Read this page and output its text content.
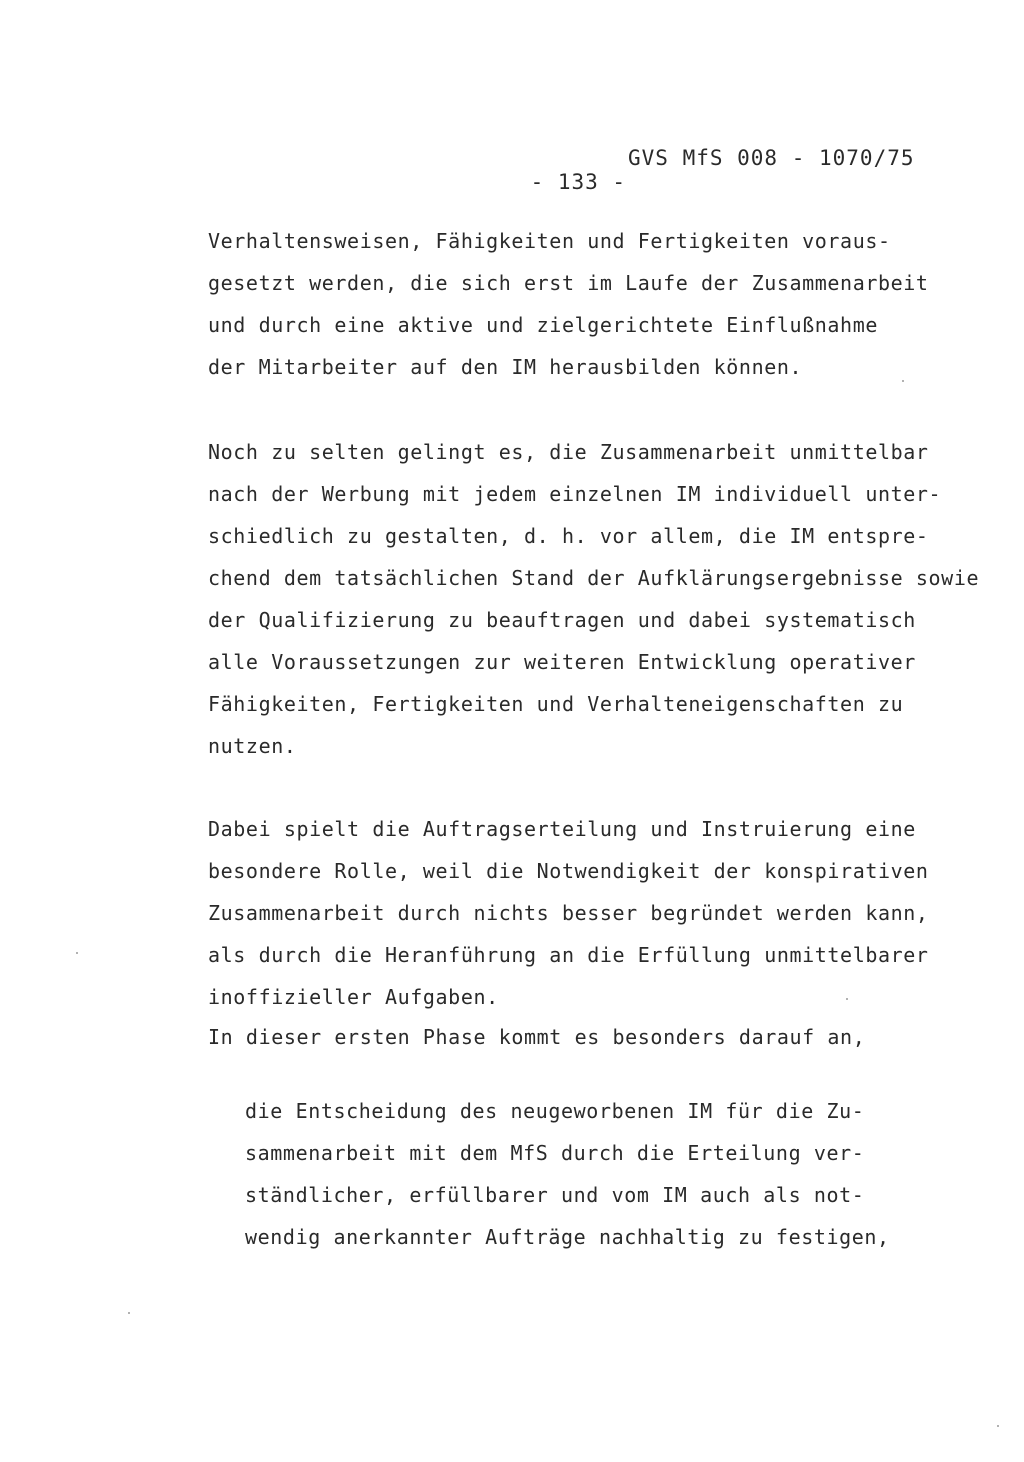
- 133 -

GVS MfS 008 - 1070/75

Verhaltensweisen, Fähigkeiten und Fertigkeiten voraus-
gesetzt werden, die sich erst im Laufe der Zusammenarbeit
und durch eine aktive und zielgerichtete Einflußnahme
der Mitarbeiter auf den IM herausbilden können.
Noch zu selten gelingt es, die Zusammenarbeit unmittelbar
nach der Werbung mit jedem einzelnen IM individuell unter-
schiedlich zu gestalten, d. h. vor allem, die IM entspre-
chend dem tatsächlichen Stand der Aufklärungsergebnisse sowie
der Qualifizierung zu beauftragen und dabei systematisch
alle Voraussetzungen zur weiteren Entwicklung operativer
Fähigkeiten, Fertigkeiten und Verhalteneigenschaften zu
nutzen.
Dabei spielt die Auftragserteilung und Instruierung eine
besondere Rolle, weil die Notwendigkeit der konspirativen
Zusammenarbeit durch nichts besser begründet werden kann,
als durch die Heranführung an die Erfüllung unmittelbarer
inoffizieller Aufgaben.
In dieser ersten Phase kommt es besonders darauf an,
die Entscheidung des neugeworbenen IM für die Zu-
sammenarbeit mit dem MfS durch die Erteilung ver-
ständlicher, erfüllbarer und vom IM auch als not-
wendig anerkannter Aufträge nachhaltig zu festigen,
